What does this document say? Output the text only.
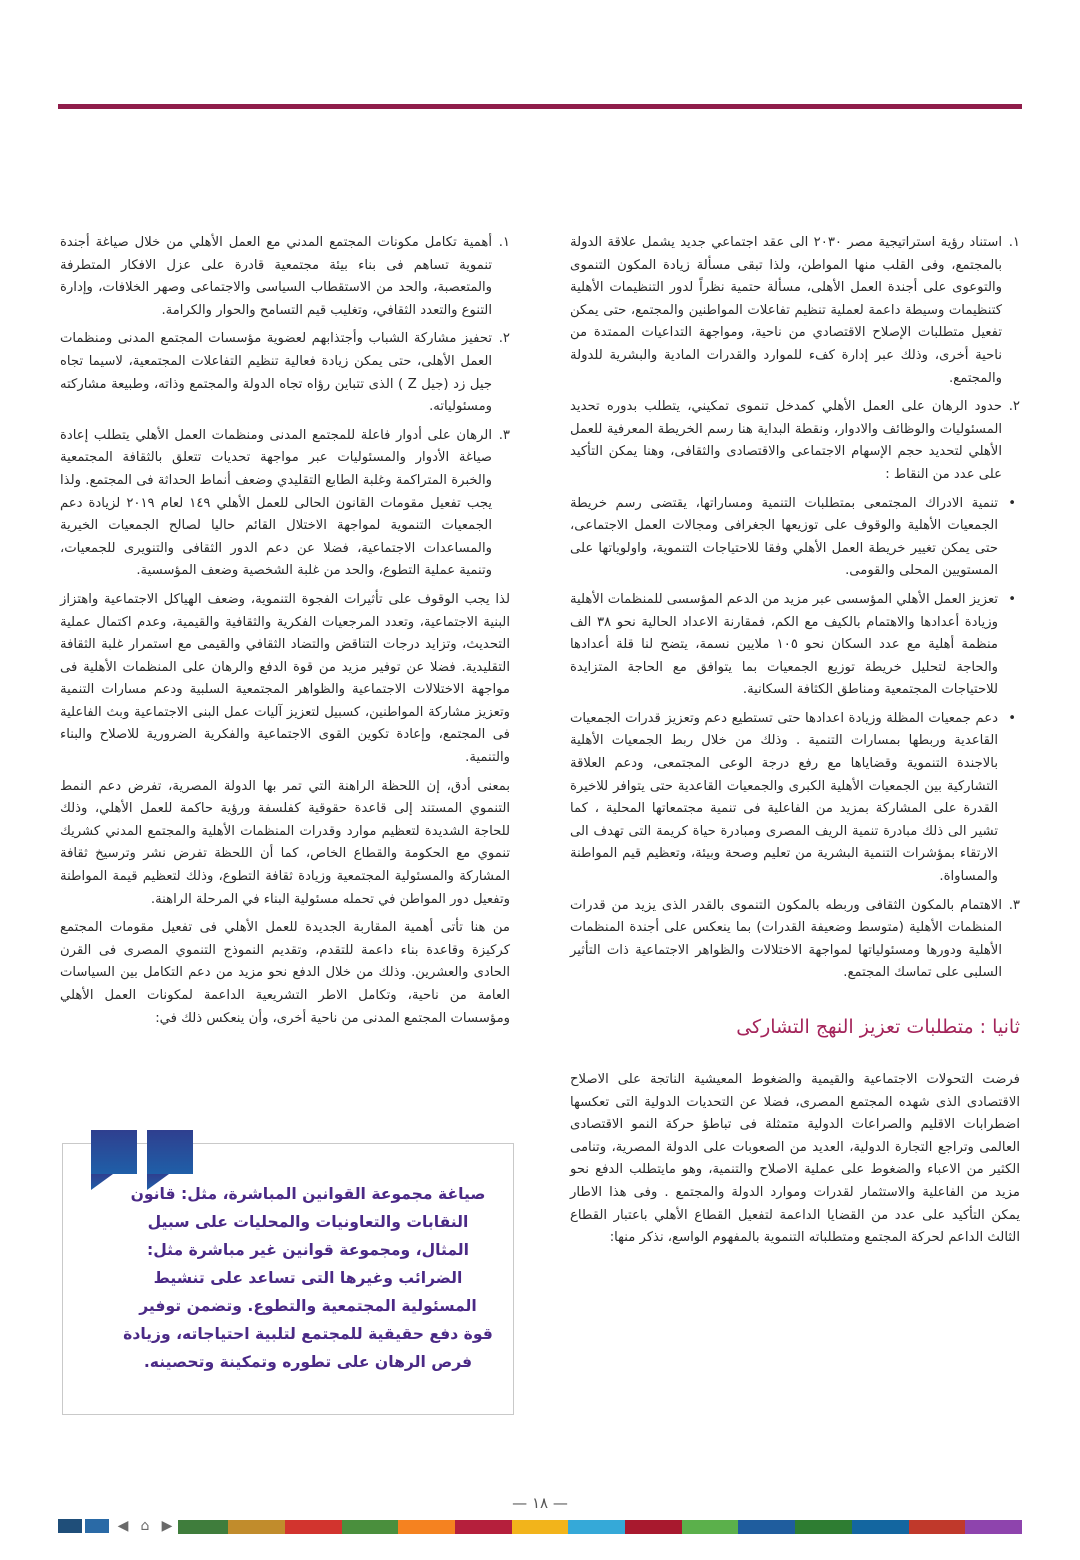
١.
استناد رؤية استراتيجية مصر ٢٠٣٠ الى عقد اجتماعي جديد يشمل علاقة الدولة بالمجتمع، وفى القلب منها المواطن، ولذا تبقى مسألة زيادة المكون التنموى والتوعوى على أجندة العمل الأهلى، مسألة حتمية نظراً لدور التنظيمات الأهلية كتنظيمات وسيطة داعمة لعملية تنظيم تفاعلات المواطنين والمجتمع، حتى يمكن تفعيل متطلبات الإصلاح الاقتصادي من ناحية، ومواجهة التداعيات الممتدة من ناحية أخرى، وذلك عبر إدارة كفء للموارد والقدرات المادية والبشرية للدولة والمجتمع.
٢.
حدود الرهان على العمل الأهلي كمدخل تنموى تمكيني، يتطلب بدوره تحديد المسئوليات والوظائف والادوار، ونقطة البداية هنا رسم الخريطة المعرفية للعمل الأهلي لتحديد حجم الإسهام الاجتماعى والاقتصادى والثقافى، وهنا يمكن التأكيد على عدد من النقاط :
•
تنمية الادراك المجتمعى بمتطلبات التنمية ومساراتها، يقتضى رسم خريطة الجمعيات الأهلية والوقوف على توزيعها الجغرافى ومجالات العمل الاجتماعى، حتى يمكن تغيير خريطة العمل الأهلي وفقا للاحتياجات التنموية، واولوياتها على المستويين المحلى والقومى.
•
تعزيز العمل الأهلي المؤسسى عبر مزيد من الدعم المؤسسى للمنظمات الأهلية وزيادة أعدادها والاهتمام بالكيف مع الكم، فمقارنة الاعداد الحالية نحو ٣٨ الف منظمة أهلية مع عدد السكان نحو ١٠٥ ملايين نسمة، يتضح لنا قلة أعدادها والحاجة لتحليل خريطة توزيع الجمعيات بما يتوافق مع الحاجة المتزايدة للاحتياجات المجتمعية ومناطق الكثافة السكانية.
•
دعم جمعيات المظلة وزيادة اعدادها حتى تستطيع دعم وتعزيز قدرات الجمعيات القاعدية وربطها بمسارات التنمية . وذلك من خلال ربط الجمعيات الأهلية بالاجندة التنموية وقضاياها مع رفع درجة الوعى المجتمعى، ودعم العلاقة التشاركية بين الجمعيات الأهلية الكبرى والجمعيات القاعدية حتى يتوافر للاخيرة القدرة على المشاركة بمزيد من الفاعلية فى تنمية مجتمعاتها المحلية ، كما تشير الى ذلك مبادرة تنمية الريف المصرى ومبادرة حياة كريمة التى تهدف الى الارتقاء بمؤشرات التنمية البشرية من تعليم وصحة وبيئة، وتعظيم قيم المواطنة والمساواة.
٣.
الاهتمام بالمكون الثقافى وربطه بالمكون التنموى بالقدر الذى يزيد من قدرات المنظمات الأهلية (متوسط وضعيفة القدرات) بما ينعكس على أجندة المنظمات الأهلية ودورها ومسئولياتها لمواجهة الاختلالات والظواهر الاجتماعية ذات التأثير السلبى على تماسك المجتمع.
ثانيا : متطلبات تعزيز النهج التشاركى

فرضت التحولات الاجتماعية والقيمية والضغوط المعيشية الناتجة على الاصلاح الاقتصادى الذى شهده المجتمع المصرى، فضلا عن التحديات الدولية التى تعكسها اضطرابات الاقليم والصراعات الدولية متمثلة فى تباطؤ حركة النمو الاقتصادى العالمى وتراجع التجارة الدولية، العديد من الصعوبات على الدولة المصرية، وتنامى الكثير من الاعباء والضغوط على عملية الاصلاح والتنمية، وهو مايتطلب الدفع نحو مزيد من الفاعلية والاستثمار لقدرات وموارد الدولة والمجتمع . وفى هذا الاطار يمكن التأكيد على عدد من القضايا الداعمة لتفعيل القطاع الأهلي باعتبار القطاع الثالث الداعم لحركة المجتمع ومتطلباته التنموية بالمفهوم الواسع، نذكر منها:

١.
أهمية تكامل مكونات المجتمع المدني مع العمل الأهلي من خلال صياغة أجندة تنموية تساهم فى بناء بيئة مجتمعية قادرة على عزل الافكار المتطرفة والمتعصبة، والحد من الاستقطاب السياسى والاجتماعى وصهر الخلافات، وإدارة التنوع والتعدد الثقافي، وتغليب قيم التسامح والحوار والكرامة.
٢.
تحفيز مشاركة الشباب وأجتذابهم لعضوية مؤسسات المجتمع المدنى ومنظمات العمل الأهلى، حتى يمكن زيادة فعالية تنظيم التفاعلات المجتمعية، لاسيما تجاه جيل زد (جيل Z ) الذى تتباين رؤاه تجاه الدولة والمجتمع وذاته، وطبيعة مشاركته ومسئولياته.
٣.
الرهان على أدوار فاعلة للمجتمع المدنى ومنظمات العمل الأهلي يتطلب إعادة صياغة الأدوار والمسئوليات عبر مواجهة تحديات تتعلق بالثقافة المجتمعية والخبرة المتراكمة وغلبة الطابع التقليدي وضعف أنماط الحداثة فى المجتمع. ولذا يجب تفعيل مقومات القانون الحالى للعمل الأهلي ١٤٩ لعام ٢٠١٩ لزيادة دعم الجمعيات التنموية لمواجهة الاختلال القائم حاليا لصالح الجمعيات الخيرية والمساعدات الاجتماعية، فضلا عن دعم الدور الثقافى والتنويرى للجمعيات، وتنمية عملية التطوع، والحد من غلبة الشخصية وضعف المؤسسية.

لذا يجب الوقوف على تأثيرات الفجوة التنموية، وضعف الهياكل الاجتماعية واهتزاز البنية الاجتماعية، وتعدد المرجعيات الفكرية والثقافية والقيمية، وعدم اكتمال عملية التحديث، وتزايد درجات التناقض والتضاد الثقافي والقيمى مع استمرار غلبة الثقافة التقليدية. فضلا عن توفير مزيد من قوة الدفع والرهان على المنظمات الأهلية فى مواجهة الاختلالات الاجتماعية والظواهر المجتمعية السلبية ودعم مسارات التنمية وتعزيز مشاركة المواطنين، كسبيل لتعزيز آليات عمل البنى الاجتماعية وبث الفاعلية فى المجتمع، وإعادة تكوين القوى الاجتماعية والفكرية الضرورية للاصلاح والبناء والتنمية.

بمعنى أدق، إن اللحظة الراهنة التي تمر بها الدولة المصرية، تفرض دعم النمط التنموي المستند إلى قاعدة حقوقية كفلسفة ورؤية حاكمة للعمل الأهلي، وذلك للحاجة الشديدة لتعظيم موارد وقدرات المنظمات الأهلية والمجتمع المدني كشريك تنموي مع الحكومة والقطاع الخاص، كما أن اللحظة تفرض نشر وترسيخ ثقافة المشاركة والمسئولية المجتمعية وزيادة ثقافة التطوع، وذلك لتعظيم قيمة المواطنة وتفعيل دور المواطن في تحمله مسئولية البناء في المرحلة الراهنة.

من هنا تأتى أهمية المقاربة الجديدة للعمل الأهلي فى تفعيل مقومات المجتمع كركيزة وقاعدة بناء داعمة للتقدم، وتقديم النموذج التنموي المصرى فى القرن الحادى والعشرين. وذلك من خلال الدفع نحو مزيد من دعم التكامل بين السياسات العامة من ناحية، وتكامل الاطر التشريعية الداعمة لمكونات العمل الأهلي ومؤسسات المجتمع المدنى من ناحية أخرى، وأن ينعكس ذلك في:

صياغة مجموعة القوانين المباشرة، مثل: قانون النقابات والتعاونيات والمحليات على سبيل المثال، ومجموعة قوانين غير مباشرة مثل: الضرائب وغيرها التى تساعد على تنشيط المسئولية المجتمعية والتطوع. وتضمن توفير قوة دفع حقيقية للمجتمع لتلبية احتياجاته، وزيادة فرص الرهان على تطوره وتمكينة وتحصينه.
— ١٨ —
◀ ⌂ ▶
